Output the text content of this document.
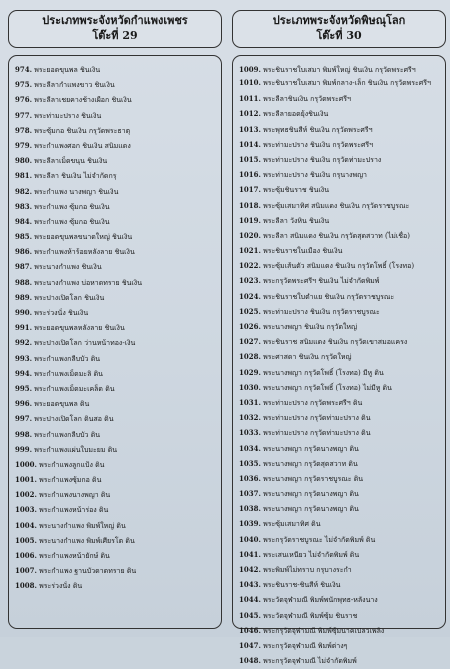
ประเภทพระจังหวัดกำแพงเพชร
โต๊ะที่ 29
974. พระยอดขุนพล ชินเงิน
975. พระลีลากำแพงขาว ชินเงิน
976. พระลีลาเชยคางช้างเผือก ชินเงิน
977. พระท่ามะปราง ชินเงิน
978. พระซุ้มกอ ชินเงิน กรุวัดพระธาตุ
979. พระกำแพงศอก ชินเงิน สนิมแดง
980. พระลีลาเม็ดขนุน ชินเงิน
981. พระลีลา ชินเงิน ไม่จำกัดกรุ
982. พระกำแพง นางพญา ชินเงิน
983. พระกำแพง ซุ้มกอ ชินเงิน
984. พระกำแพง ซุ้มกอ ชินเงิน
985. พระยอดขุนพลขนาดใหญ่ ชินเงิน
986. พระกำแพงห้าร้อยหลังลาย ชินเงิน
987. พระนางกำแพง ชินเงิน
988. พระนางกำแพง บ่อหาดทราย ชินเงิน
989. พระปางเปิดโลก ชินเงิน
990. พระร่วงนั่ง ชินเงิน
991. พระยอดขุนพลหลังลาย ชินเงิน
992. พระปางเปิดโลก ว่านหน้าทอง-เงิน
993. พระกำแพงกลีบบัว ดิน
994. พระกำแพงเม็ดมะลิ ดิน
995. พระกำแพงเม็ดมะเคล็ด ดิน
996. พระยอดขุนพล ดิน
997. พระปางเปิดโลก ดินสอ ดิน
998. พระกำแพงกลีบบัว ดิน
999. พระกำแพงแผ่นใบมะยม ดิน
1000. พระกำแพงลูกแป้ง ดิน
1001. พระกำแพงซุ้มกอ ดิน
1002. พระกำแพงนางพญา ดิน
1003. พระกำแพงหน้าร่อง ดิน
1004. พระนางกำแพง พิมพ์ใหญ่ ดิน
1005. พระนางกำแพง พิมพ์เศียรโต ดิน
1006. พระกำแพงหน้ายักษ์ ดิน
1007. พระกำแพง ฐานบัวดาดทราย ดิน
1008. พระร่วงนั่ง ดิน
ประเภทพระจังหวัดพิษณุโลก
โต๊ะที่ 30
1009. พระชินราชใบเสมา พิมพ์ใหญ่ ชินเงิน กรุวัดพระศรีฯ
1010. พระชินราชใบเสมา พิมพ์กลาง-เล็ก ชินเงิน กรุวัดพระศรีฯ
1011. พระลีลาชินเงิน กรุวัดพระศรีฯ
1012. พระลีลายอดยุ้งชินเงิน
1013. พระพุทธชินสีห์ ชินเงิน กรุวัดพระศรีฯ
1014. พระท่ามะปราง ชินเงิน กรุวัดพระศรีฯ
1015. พระท่ามะปราง ชินเงิน กรุวัดท่ามะปราง
1016. พระท่ามะปราง ชินเงิน กรุนางพญา
1017. พระซุ้มชินราช ชินเงิน
1018. พระซุ้มเสมาทิศ สนิมแดง ชินเงิน กรุวัดราชบูรณะ
1019. พระลีลา วังหิน ชินเงิน
1020. พระลีลา สนิมแดง ชินเงิน กรุวัดสุดสวาท (ไม่เชื่อ)
1021. พระชินราชในเมือง ชินเงิน
1022. พระซุ้มเส้นตัว สนิมแดง ชินเงิน กรุวัดโพธิ์ (โรงทอ)
1023. พระกรุวัดพระศรีฯ ชินเงิน ไม่จำกัดพิมพ์
1024. พระชินราชใบตำแย ชินเงิน กรุวัดราชบูรณะ
1025. พระท่ามะปราง ชินเงิน กรุวัดราชบูรณะ
1026. พระนางพญา ชินเงิน กรุวัดใหญ่
1027. พระชินราช สนิมแดง ชินเงิน กรุวัดเขาสมอแครง
1028. พระศาสดา ชินเงิน กรุวัดใหญ่
1029. พระนางพญา กรุวัดโพธิ์ (โรงทอ) มีหู ดิน
1030. พระนางพญา กรุวัดโพธิ์ (โรงทอ) ไม่มีหู ดิน
1031. พระท่ามะปราง กรุวัดพระศรีฯ ดิน
1032. พระท่ามะปราง กรุวัดท่ามะปราง ดิน
1033. พระท่ามะปราง กรุวัดท่ามะปราง ดิน
1034. พระนางพญา กรุวัดนางพญา ดิน
1035. พระนางพญา กรุวัดสุดสวาท ดิน
1036. พระนางพญา กรุวัดราชบูรณะ ดิน
1037. พระนางพญา กรุวัดนางพญา ดิน
1038. พระนางพญา กรุวัดนางพญา ดิน
1039. พระซุ้มเสมาทิศ ดิน
1040. พระกรุวัดราชบูรณะ ไม่จำกัดพิมพ์ ดิน
1041. พระเสนเหนียว ไม่จำกัดพิมพ์ ดิน
1042. พระพิมพ์ไม่ทราบ กรุบางระกำ
1043. พระชินราช-ชินสีห์ ชินเงิน
1044. พระวัดจุฬามณี พิมพ์พนักพุทธ-หลังนาง
1045. พระวัดจุฬามณี พิมพ์ซุ้ม ชินราช
1046. พระกรุวัดจุฬามณี พิมพ์ซุ้มนาคเปลวเพลิง
1047. พระกรุวัดจุฬามณี พิมพ์ต่างๆ
1048. พระกรุวัดจุฬามณี ไม่จำกัดพิมพ์
